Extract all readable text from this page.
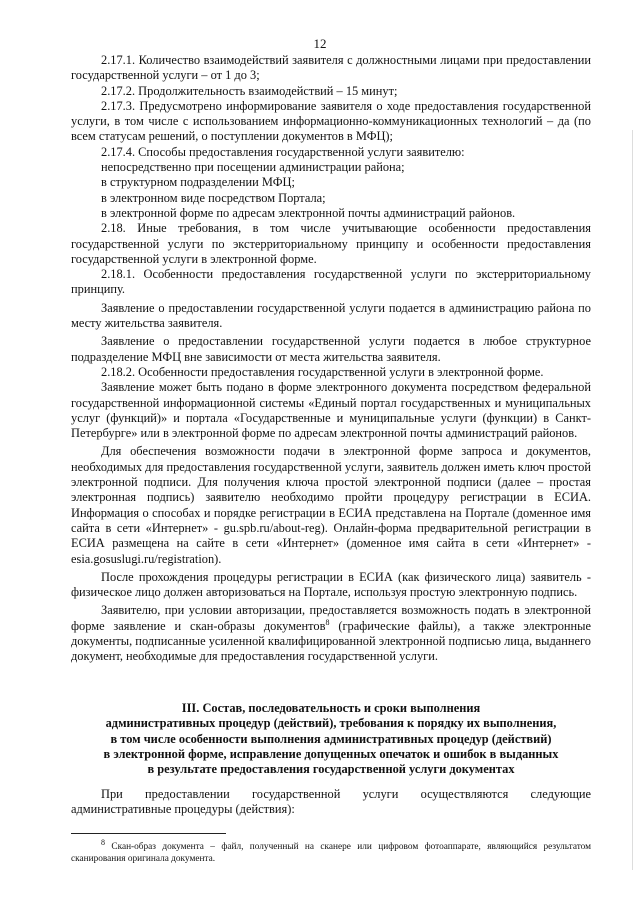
12

2.17.1. Количество взаимодействий заявителя с должностными лицами при предоставлении государственной услуги – от 1 до 3;

2.17.2. Продолжительность взаимодействий – 15 минут;

2.17.3. Предусмотрено информирование заявителя о ходе предоставления государственной услуги, в том числе с использованием информационно-коммуникационных технологий – да (по всем статусам решений, о поступлении документов в МФЦ);

2.17.4. Способы предоставления государственной услуги заявителю:

непосредственно при посещении администрации района;

в структурном подразделении МФЦ;

в электронном виде посредством Портала;

в электронной форме по адресам электронной почты администраций районов.

2.18. Иные требования, в том числе учитывающие особенности предоставления государственной услуги по экстерриториальному принципу и особенности предоставления государственной услуги в электронной форме.

2.18.1. Особенности предоставления государственной услуги по экстерриториальному принципу.

Заявление о предоставлении государственной услуги подается в администрацию района по месту жительства заявителя.

Заявление о предоставлении государственной услуги подается в любое структурное подразделение МФЦ вне зависимости от места жительства заявителя.

2.18.2. Особенности предоставления государственной услуги в электронной форме.

Заявление может быть подано в форме электронного документа посредством федеральной государственной информационной системы «Единый портал государственных и муниципальных услуг (функций)» и портала «Государственные и муниципальные услуги (функции) в Санкт-Петербурге» или в электронной форме по адресам электронной почты администраций районов.

Для обеспечения возможности подачи в электронной форме запроса и документов, необходимых для предоставления государственной услуги, заявитель должен иметь ключ простой электронной подписи. Для получения ключа простой электронной подписи (далее – простая электронная подпись) заявителю необходимо пройти процедуру регистрации в ЕСИА. Информация о способах и порядке регистрации в ЕСИА представлена на Портале (доменное имя сайта в сети «Интернет» - gu.spb.ru/about-reg). Онлайн-форма предварительной регистрации в ЕСИА размещена на сайте в сети «Интернет» (доменное имя сайта в сети «Интернет» - esia.gosuslugi.ru/registration).

После прохождения процедуры регистрации в ЕСИА (как физического лица) заявитель - физическое лицо должен авторизоваться на Портале, используя простую электронную подпись.

Заявителю, при условии авторизации, предоставляется возможность подать в электронной форме заявление и скан-образы документов$^8$ (графические файлы), а также электронные документы, подписанные усиленной квалифицированной электронной подписью лица, выданнего документ, необходимые для предоставления государственной услуги.

III. Состав, последовательность и сроки выполнения
административных процедур (действий), требования к порядку их выполнения,
в том числе особенности выполнения административных процедур (действий)
в электронной форме, исправление допущенных опечаток и ошибок в выданных
в результате предоставления государственной услуги документах

При предоставлении государственной услуги осуществляются следующие административные процедуры (действия):

8 Скан-образ документа – файл, полученный на сканере или цифровом фотоаппарате, являющийся результатом сканирования оригинала документа.
